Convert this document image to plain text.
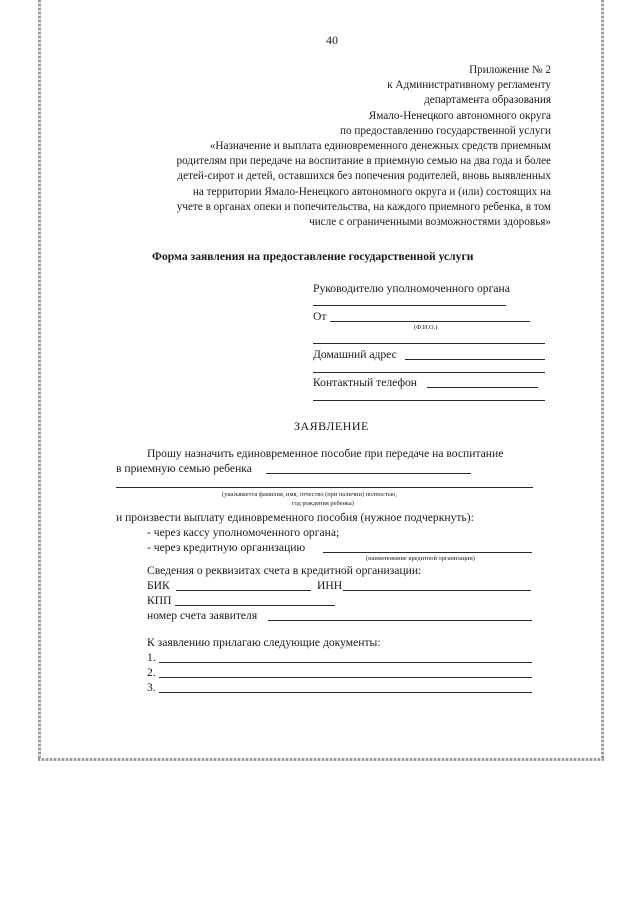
40
Приложение № 2
к Административному регламенту
департамента образования
Ямало-Ненецкого автономного округа
по предоставлению государственной услуги
«Назначение и выплата единовременного денежных средств приемным
родителям при передаче на воспитание в приемную семью на два года и более
детей-сирот и детей, оставшихся без попечения родителей, вновь выявленных
на территории Ямало-Ненецкого автономного округа и (или) состоящих на
учете в органах опеки и попечительства, на каждого приемного ребенка, в том
числе с ограниченными возможностями здоровья»
Форма заявления на предоставление государственной услуги
Руководителю уполномоченного органа
От
(Ф.И.О.)
Домашний адрес
Контактный телефон
ЗАЯВЛЕНИЕ
Прошу назначить единовременное пособие при передаче на воспитание
в приемную семью ребенка
(указывается фамилия, имя, отчество (при наличии) полностью,
год рождения ребенка)
и произвести выплату единовременного пособия (нужное подчеркнуть):
- через кассу уполномоченного органа;
- через кредитную организацию
(наименование кредитной организации)
Сведения о реквизитах счета в кредитной организации:
БИК	ИНН
КПП
номер счета заявителя
К заявлению прилагаю следующие документы:
1.
2.
3.
